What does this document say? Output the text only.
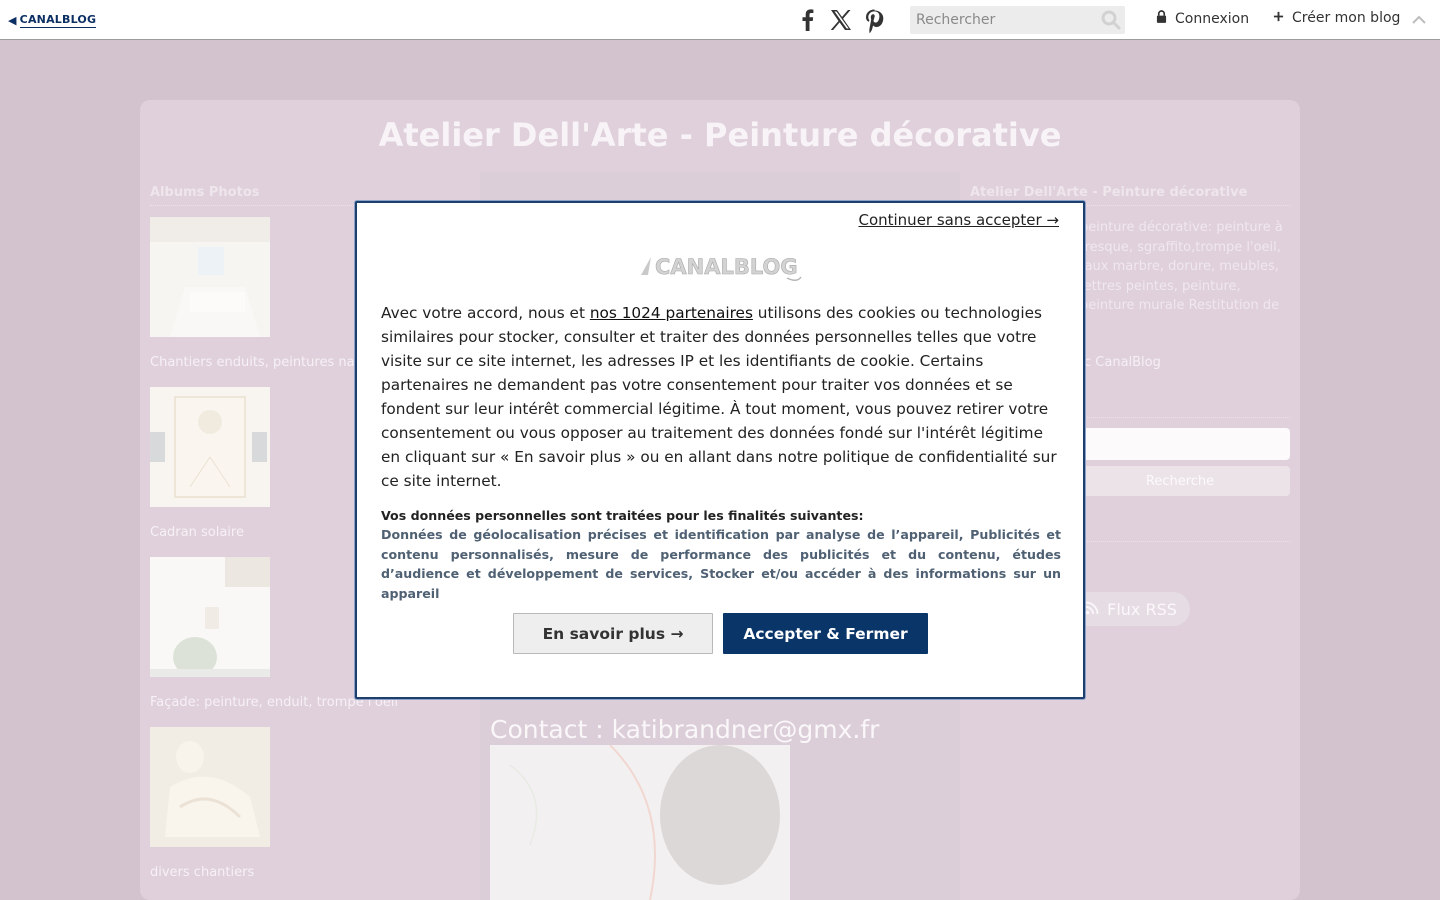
◀ CANALBLOG
Rechercher	Connexion	Créer mon blog
Continuer sans accepter →
CANALBLOG
Avec votre accord, nous et nos 1024 partenaires utilisons des cookies ou technologies similaires pour stocker, consulter et traiter des données personnelles telles que votre visite sur ce site internet, les adresses IP et les identifiants de cookie. Certains partenaires ne demandent pas votre consentement pour traiter vos données et se fondent sur leur intérêt commercial légitime. À tout moment, vous pouvez retirer votre consentement ou vous opposer au traitement des données fondé sur l'intérêt légitime en cliquant sur « En savoir plus » ou en allant dans notre politique de confidentialité sur ce site internet.
Vos données personnelles sont traitées pour les finalités suivantes:
Données de géolocalisation précises et identification par analyse de l’appareil, Publicités et contenu personnalisés, mesure de performance des publicités et du contenu, études d’audience et développement de services, Stocker et/ou accéder à des informations sur un appareil
En savoir plus →	Accepter & Fermer
